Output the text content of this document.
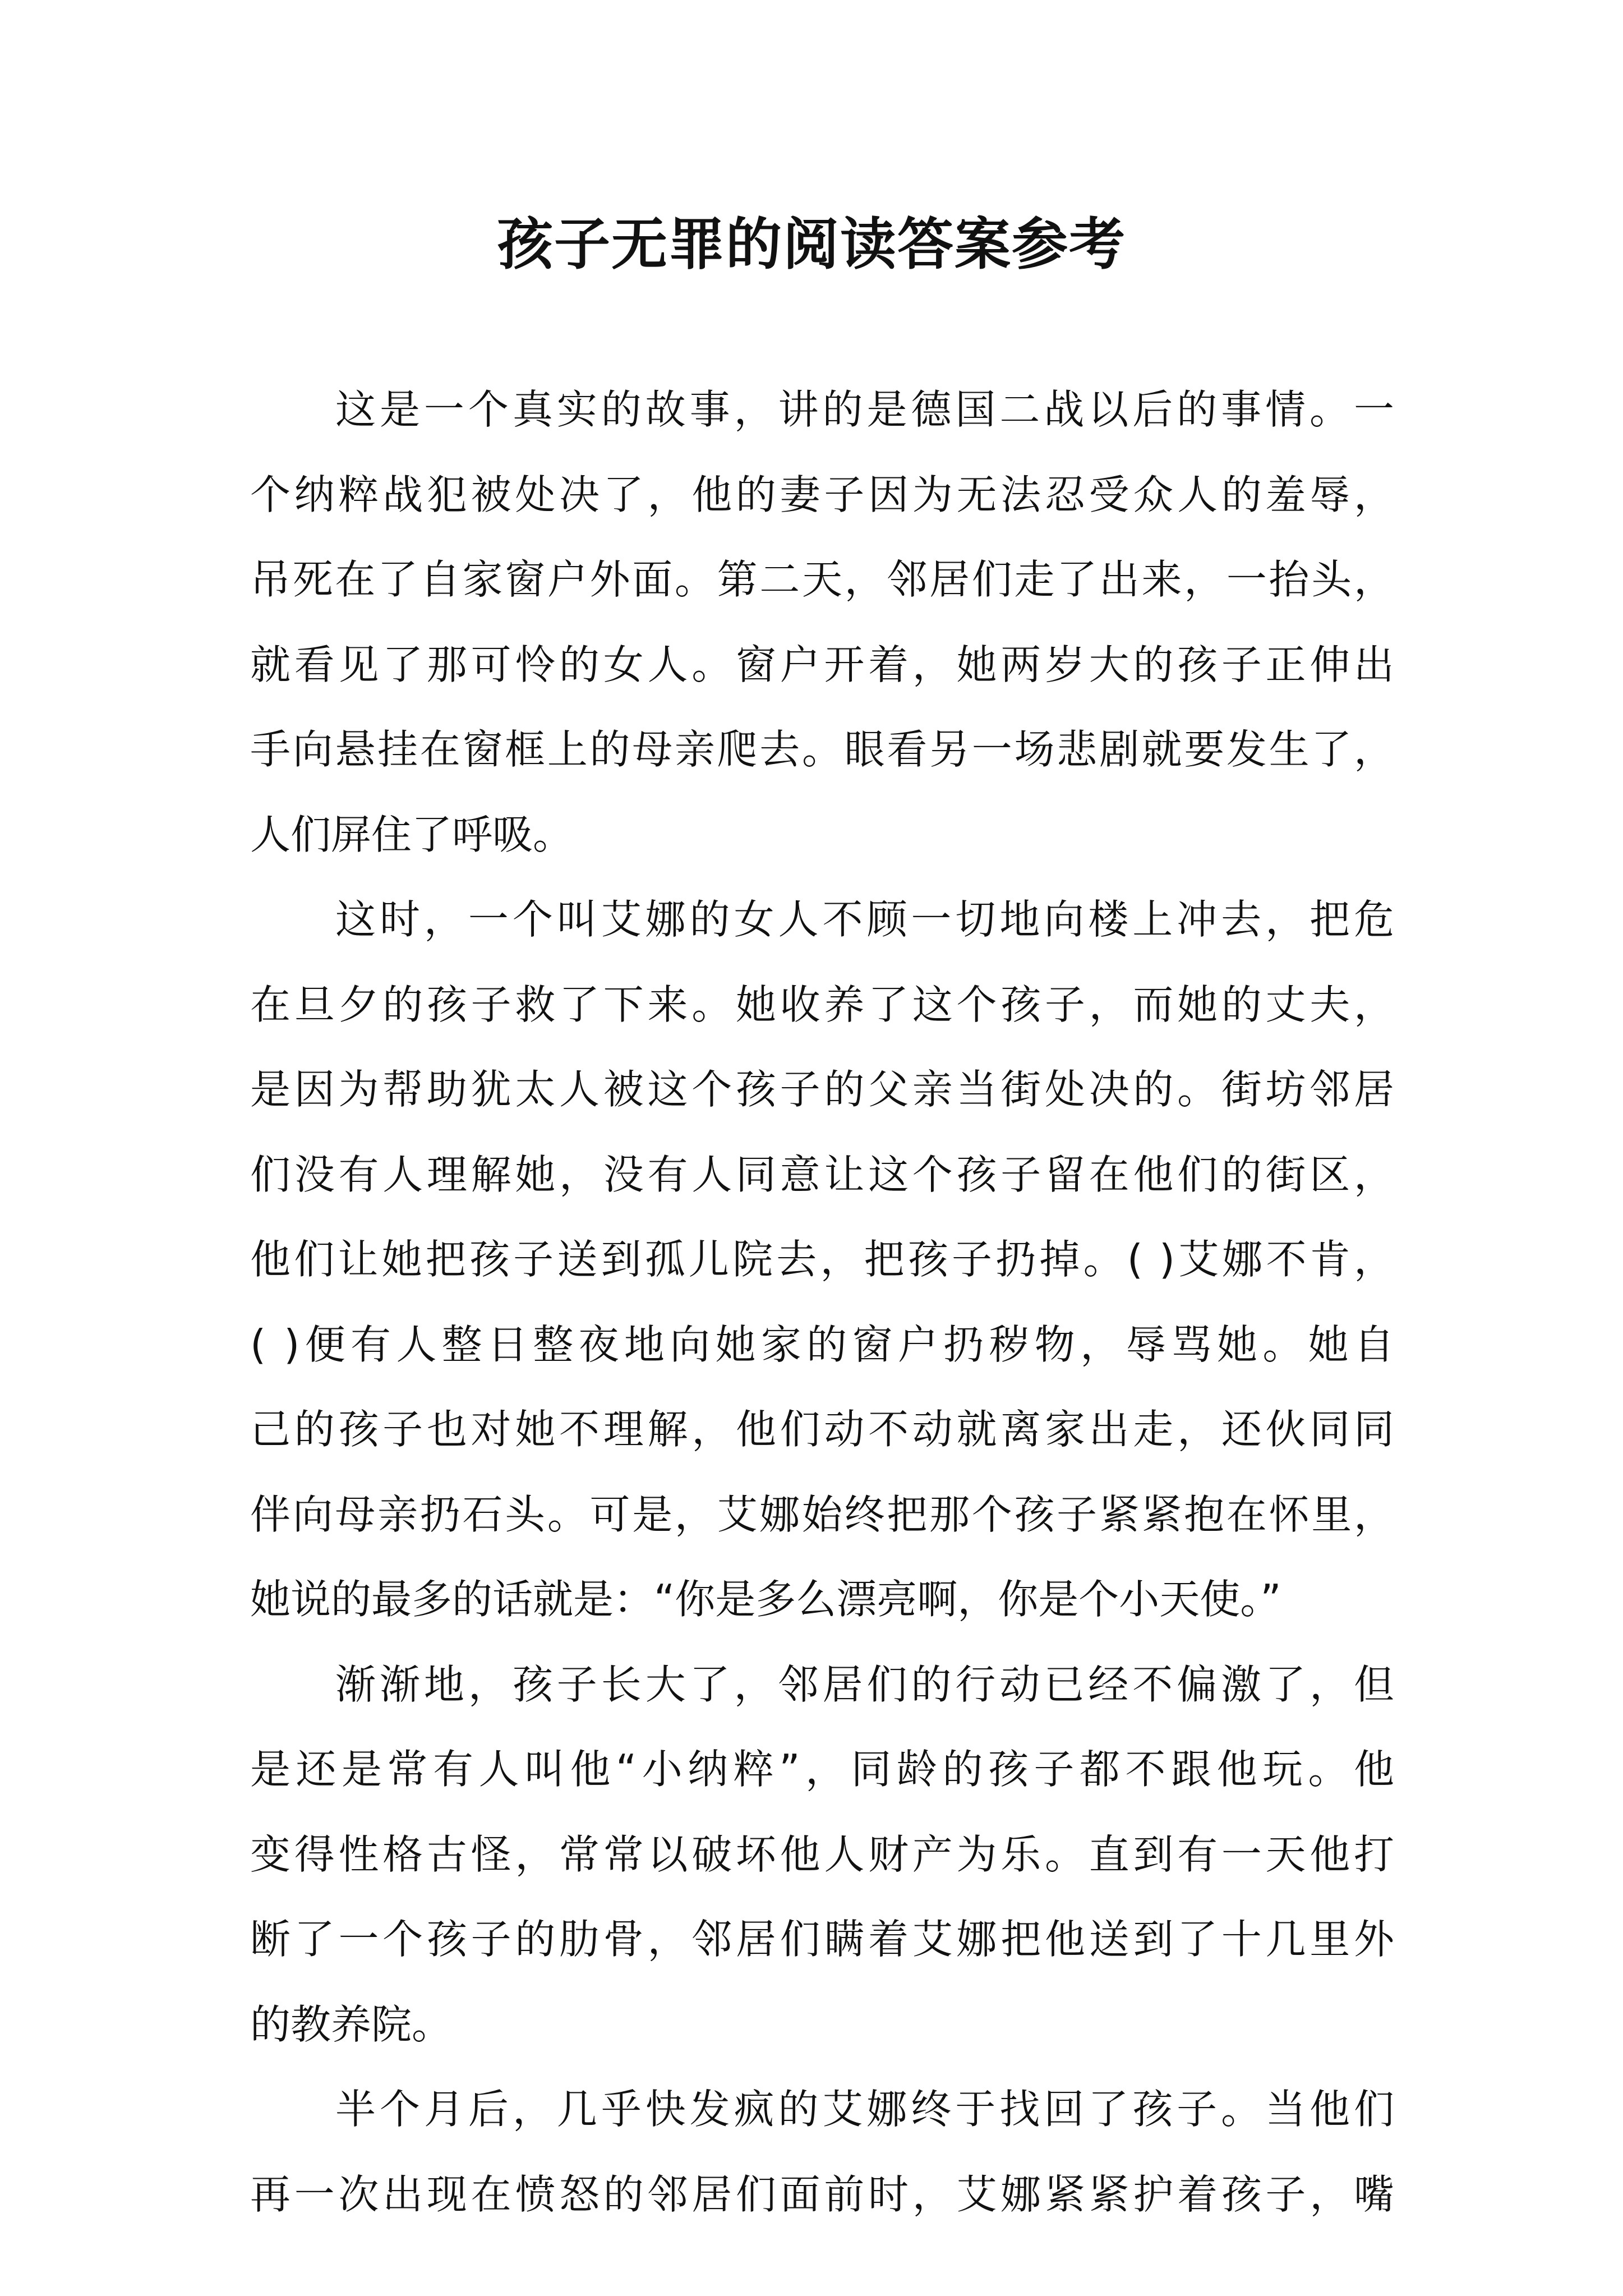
孩子无罪的阅读答案参考
这是一个真实的故事，讲的是德国二战以后的事情。一
个纳粹战犯被处决了，他的妻子因为无法忍受众人的羞辱，
吊死在了自家窗户外面。第二天，邻居们走了出来，一抬头，
就看见了那可怜的女人。窗户开着，她两岁大的孩子正伸出
手向悬挂在窗框上的母亲爬去。眼看另一场悲剧就要发生了，
人们屏住了呼吸。
这时，一个叫艾娜的女人不顾一切地向楼上冲去，把危
在旦夕的孩子救了下来。她收养了这个孩子，而她的丈夫，
是因为帮助犹太人被这个孩子的父亲当街处决的。街坊邻居
们没有人理解她，没有人同意让这个孩子留在他们的街区，
他们让她把孩子送到孤儿院去，把孩子扔掉。( )艾娜不肯，
( )便有人整日整夜地向她家的窗户扔秽物，辱骂她。她自
己的孩子也对她不理解，他们动不动就离家出走，还伙同同
伴向母亲扔石头。可是，艾娜始终把那个孩子紧紧抱在怀里，
她说的最多的话就是：“你是多么漂亮啊，你是个小天使。”
渐渐地，孩子长大了，邻居们的行动已经不偏激了，但
是还是常有人叫他“小纳粹”，同龄的孩子都不跟他玩。他
变得性格古怪，常常以破坏他人财产为乐。直到有一天他打
断了一个孩子的肋骨，邻居们瞒着艾娜把他送到了十几里外
的教养院。
半个月后，几乎快发疯的艾娜终于找回了孩子。当他们
再一次出现在愤怒的邻居们面前时，艾娜紧紧护着孩子，嘴
